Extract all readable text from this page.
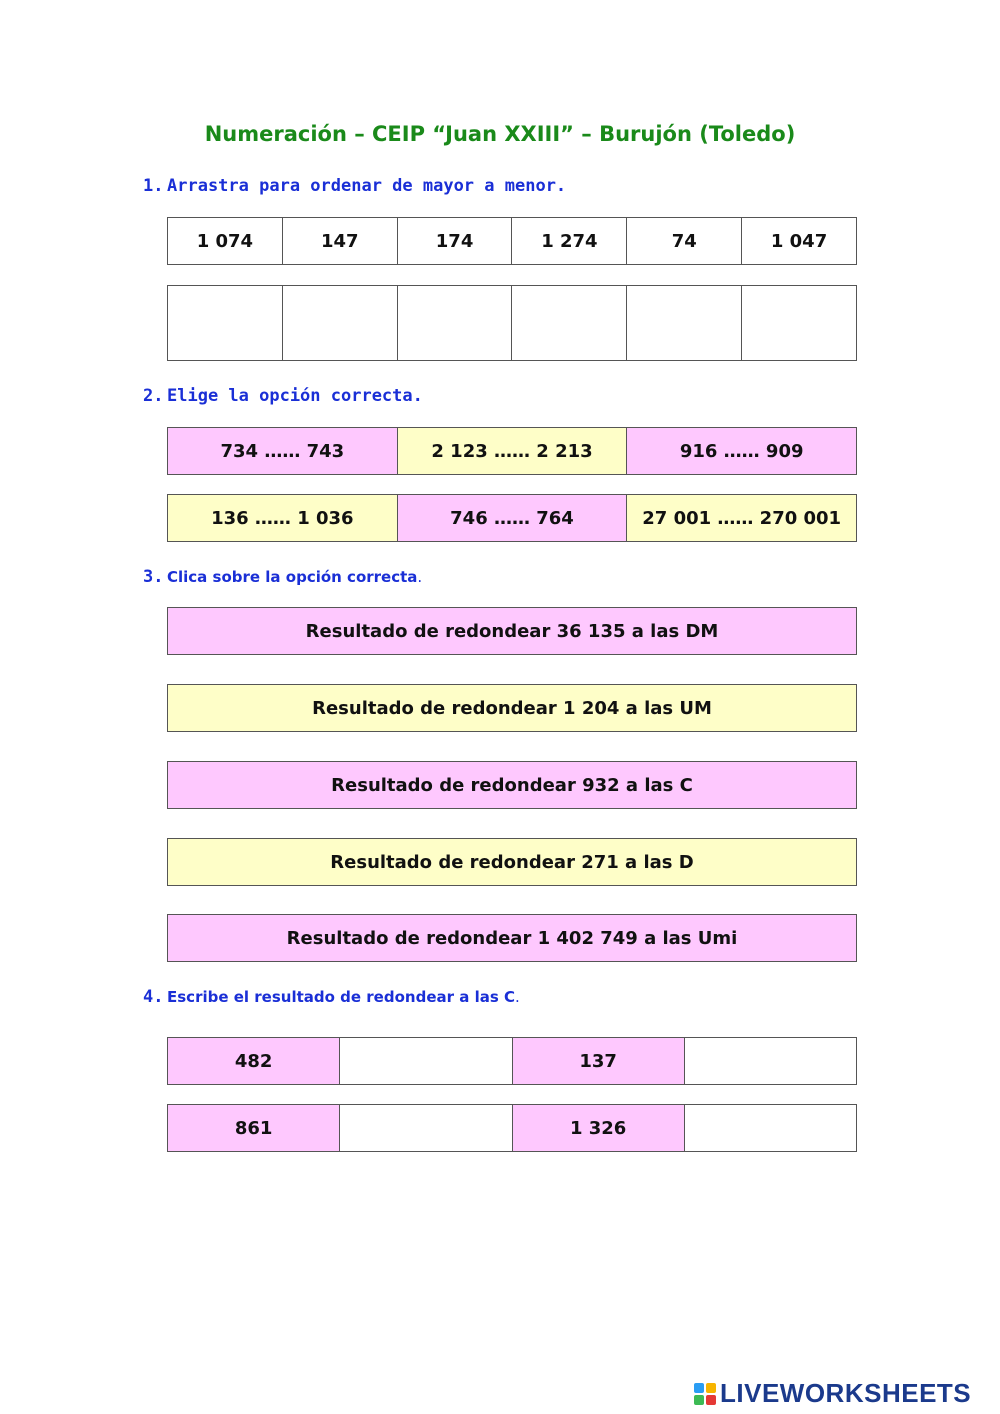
Numeración – CEIP “Juan XXIII” – Burujón (Toledo)
1. Arrastra para ordenar de mayor a menor.
1 074	147	174	1 274	74	1 047
2. Elige la opción correcta.
734 …… 743	2 123 …… 2 213	916 …… 909
136 …… 1 036	746 …… 764	27 001 …… 270 001
3. Clica sobre la opción correcta.
Resultado de redondear 36 135 a las DM
Resultado de redondear 1 204 a las UM
Resultado de redondear 932 a las C
Resultado de redondear 271 a las D
Resultado de redondear 1 402 749 a las Umi
4. Escribe el resultado de redondear a las C.
482	137
861	1 326
LIVEWORKSHEETS
